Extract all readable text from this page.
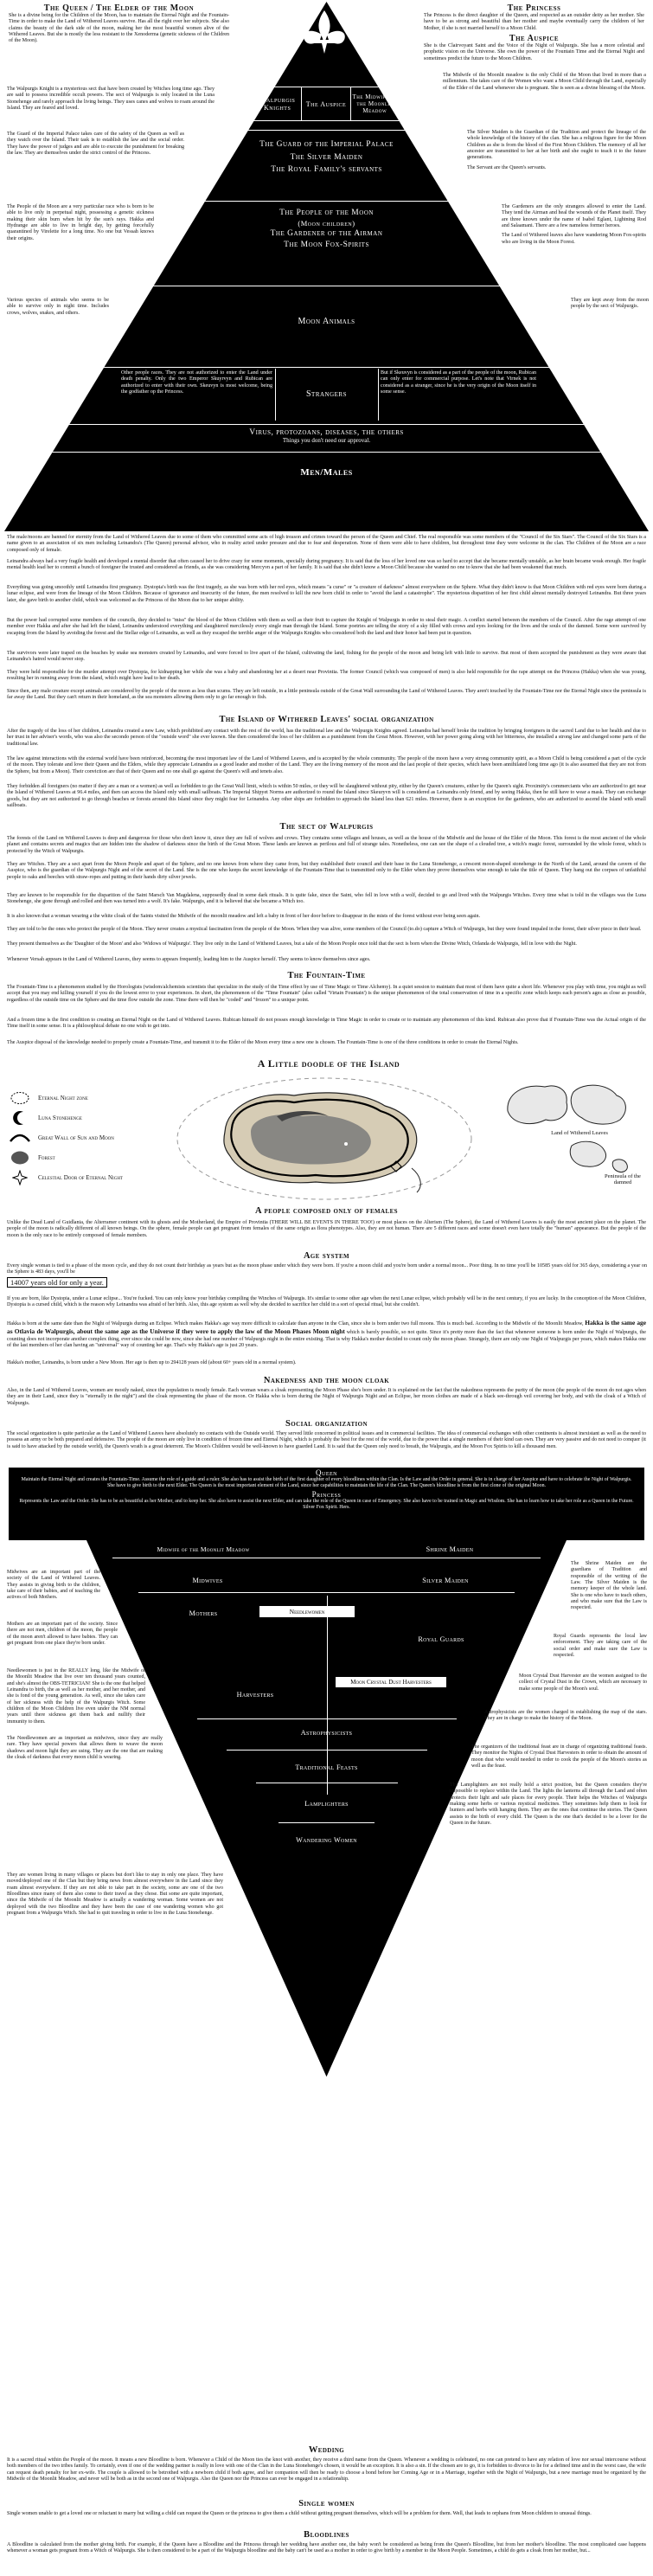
The Queen / The Elder of the Moon
She is a divine being for the Children of the Moon, has to maintain the Eternal Night and the Fountain-Time in order to make the Land of Withered Leaves survive. Has all the right over her subjects. She also claims the beauty of the dark side of the moon, making her the most beautiful women alive of the Withered Leaves. But she is mostly the less resistant to the Xenoderma (genetic sickness of the Children of the Moon).
The Princess
The Princess is the direct daughter of the Queen, and respected as an outsider deity as her mother. She have to be as strong and beautiful than her mother and maybe eventually carry the children of her Mother, if she is not married herself to a Moon Child.
The Auspice
She is the Clairvoyant Saint and the Voice of the Night of Walpurgis. She has a more celestial and prophetic vision on the Universe. She own the power of the Fountain Time and the Eternal Night and sometimes predict the future to the Moon Children.
The Walpurgis Knight is a mysterious sect that have been created by Witches long time ago. They are said to possess incredible occult powers. The sect of Walpurgis is only located in the Luna Stonehenge and rarely approach the living beings. They uses canes and wolves to roam around the Island. They are feared and loved.
Walpurgis Knights	The Auspice
The Midwife of the Moonlit Meadow
The Midwife of the Moonlit meadow is the only Child of the Moon that lived in more than a millennium. She takes care of the Women who want a Moon Child through the Land, especially of the Elder of the Land whenever she is pregnant. She is seen as a divine blessing of the Moon.
The Guard of the Imperial Palace takes care of the safety of the Queen as well as they watch over the Island. Their task is to establish the law and the social order. They have the power of judges and are able to execute the punishment for breaking the law. They are themselves under the strict control of the Princess.
The Guard of the Imperial Palace
The Silver Maiden
The Royal Family's servants
The Silver Maiden is the Guardian of the Tradition and protect the lineage of the whole knowledge of the history of the clan. She has a religious figure for the Moon Children as she is from the blood of the First Moon Children. The memory of all her ancestor are transmitted to her at her birth and she ought to teach it to the future generations.
The Servant are the Queen's servants.
The People of the Moon are a very particular race who is born to be able to live only in perpetual night, possessing a genetic sickness making their skin burn when hit by the sun's rays. Hakka and Hydrange are able to live in bright day, by getting forcefully quarantined by Virelette for a long time. No one but Vessah knows their origins.
The People of the Moon
(Moon children)
The Gardener of the Airman
The Moon Fox-Spirits
The Gardeners are the only strangers allowed to enter the Land. They tend the Airman and heal the wounds of the Planet itself. They are three known under the name of Isabel Eglant, Lightning Rod and Salaamani. There are a few nameless former heroes.
The Land of Withered leaves also have wandering Moon Fox-spirits who are living in the Moon Forest.
Various species of animals who seems to be able to survive only in night time. Includes crows, wolves, snakes, and others.
Moon Animals
They are kept away from the moon people by the sect of Walpurgis.
Other people races. They are not authorized to enter the Land under death penalty. Only the two Emperor Skuyrvyn and Rubican are authorized to enter with their own. Skeuvyn is most welcome, being the godfather op the Princess.	Strangers
But if Skeuvyn is considered as a part of the people of the moon, Rubican can only enter for commercial purpose. Let's note that Virnek is not considered as a stranger, since he is the very origin of the Moon itself in some sense.
Virus, protozoans, diseases, the others
Things you don't need our approval.
Men/Males
The male/moons are banned for eternity from the Land of Withered Leaves due to some of them who committed some acts of high treason and crimes toward the person of the Queen and Chief. The real responsible was some members of the "Council of the Six Stars". The Council of the Six Stars is a name given to an association of six men including Leinandra's (The Queen) personal advisor, who in reality acted under pressure and due to fear and desperation. None of them were able to have children, but throughout time they were welcome in the clan. The Children of the Moon are a race composed only of female.
Leinandra always had a very fragile health and developed a mental disorder that often caused her to drive crazy for some moments, specially during pregnancy. It is said that the loss of her loved one was so hard to accept that she became mentally unstable, as her brain became weak enough. Her fragile mental health lead her to commit a bunch of foreigner the trusted and considered as friends, as she was considering Mercyvn a part of her family. It is said that she didn't know a Moon Child because she wanted no one to know that she had been weakened that much.
Everything was going smoothly until Leinandra first pregnancy. Dystopia's birth was the first tragedy, as she was born with her red eyes, which means "a curse" or "a creature of darkness" almost everywhere on the Sphere. What they didn't know is that Moon Children with red eyes were born during a lunar eclipse, and were from the lineage of the Moon Children. Because of ignorance and insecurity of the future, the men resolved to kill the new born child in order to "avoid the land a catastrophe". The mysterious disparition of her first child almost mentally destroyed Leinandra. But three years later, she gave birth to another child, which was welcomed as the Princess of the Moon due to her unique ability.
But the power had corrupted some members of the councils, they decided to "miss" the blood of the Moon Children with them as well as their fruit to capture the Knight of Walpurgis in order to steal their magic. A conflict started between the members of the Council. After the rage attempt of one member over Hakka and after she had left the island, Leinandra understood everything and slaughtered mercilessly every single man through the Island. Some poetries are telling the story of a sky filled with crows and eyes looking for the lives and the souls of the damned. Some were survived by escaping from the Island by avoiding the forest and the Stellar edge of Leinandra, as well as they escaped the terrible anger of the Walpurgis Knights who considered both the land and their honor had been put in question.
The survivors were later traped on the beaches by snake sea monsters created by Leinandra, and were forced to live apart of the Island, cultivating the land, fishing for the people of the moon and being left with little to survive. But most of them accepted the punishment as they were aware that Leinandra's hatred would never stop.
They were held responsible for the murder attempt over Dystopia, for kidnapping her while she was a baby and abandoning her at a desert near Provintia. The former Council (which was composed of men) is also held responsible for the rape attempt on the Princess (Hakka) when she was young, resulting her in running away from the island, which might have lead to her death.
Since then, any male creature except animals are considered by the people of the moon as less than scums. They are left outside, in a little peninsula outside of the Great Wall surrounding the Land of Withered Leaves. They aren't touched by the Fountain-Time nor the Eternal Night since the peninsula is far away the Land. But they can't return in their homeland, as the sea monsters allowing them only to go far enough to fish.
The Island of Withered Leaves' social organization
After the tragedy of the loss of her children, Leinandra created a new Law, which prohibited any contact with the rest of the world, has the traditional law and the Walpurgis Knights agreed. Leinandra had herself broke the tradition by bringing foreigners in the sacred Land due to her health and due to her trust in her adviser's words, who was also the secondo person of the "outside word" she ever known. She then considered the loss of her children as a punishment from the Great Moon. However, with her power going along with her bitterness, she installed a strong law and changed some parts of the traditional law.
The law against interactions with the external world have been reinforced, becoming the most important law of the Land of Withered Leaves, and is accepted by the whole community. The people of the moon have a very strong community spirit, as a Moon Child is being considered a part of the cycle of the moon. They tolerate and love their Queen and the Elders, while they appreciate Leinandra as a good leader and mother of the Land. They are the living memory of the moon and the last people of their species, which have been annihilated long time ago (it is also assumed that they are not from the Sphere, but from a Moon). Their conviction are that of their Queen and no one shall go against the Queen's will and tenets also.
They forbidden all foreigners (no matter if they are a man or a women) as well as forbidden to go the Great Wall limit, which is within 50 miles, or they will be slaughtered without pity, either by the Queen's creatures, either by the Queen's sight. Proximity's commerciants who are authorized to get near the Island of Withered Leaves at 96.4 miles, and then can access the Island only with small sailboats. The Imperial Shipyet Norms are authorized to round the Island since Skeuryvn will is considered as Leinandra only friend, and by seeing Hakka, then he still have to wear a mask. They can exchange goods, but they are not authorized to go through beaches or forests around this Island since they might fear for Leinandra. Any other ships are forbidden to approach the Island less than 621 miles. However, there is an exception for the gardeners, who are authorized to ascend the Island with small sailboats.
The sect of Walpurgis
The forests of the Land on Withered Leaves is deep and dangerous for those who don't know it, since they are full of wolves and crows. They contains some villages and houses, as well as the house of the Midwife and the house of the Elder of the Moon. This forest is the most ancient of the whole planet and contains secrets and magics that are hidden into the shadow of darkness since the birth of the Great Moon. These lands are known as perilous and full of strange tales. Nonetheless, one can see the shape of a clouded tree, a witch's magic forest, surrounded by the whole forest, which is protected by the Witch of Walpurgis.
They are Witches. They are a sect apart from the Moon People and apart of the Sphere, and no one knows from where they came from, but they established their council and their base in the Luna Stonehenge, a crescent moon-shaped stonehenge in the North of the Land, around the cavern of the Auspice, who is the guardian of the Walpurgis Night and of the secret of the Land. She is the one who keeps the secret knowledge of the Fountain-Time that is transmitted only to the Elder when they prove themselves wise enough to take the title of Queen. They hang out the corpses of unfaithful people to oaks and beeches with straw-ropes and putting in their hands dirty silver jewels.
They are known to be responsible for the disparition of the Saint Marsch Van Magdalena, supposedly dead in some dark rituals. It is quite fake, since the Saint, who fell in love with a wolf, decided to go and lived with the Walpurgis Witches. Every time what is told in the villages was the Luna Stonehenge, she gone through and rolled and then was turned into a wolf. It's fake. Walpurgis, and it is believed that she became a Witch too.
It is also known that a woman wearing a the white cloak of the Saints visited the Midwife of the moonlit meadow and left a baby in front of her door before to disappear in the mists of the forest without ever being seen again.
They are told to be the ones who protect the people of the Moon. They never creates a mystical fascination from the people of the Moon. When they was alive, some members of the Council (to.do) capture a Witch of Walpurgis, but they were found impaled in the forest, their silver piece in their head.
They present themselves as the 'Daughter of the Moon' and also 'Widows of Walpurgis'. They live only in the Land of Withered Leaves, but a tale of the Moon People once told that the sect is born when the Divine Witch, Orlanda de Walpurgis, fell in love with the Night.
Whenever Versah appears in the Land of Withered Leaves, they seems to appears frequently, leading him to the Auspice herself. They seems to know themselves since ages.
The Fountain-Time
The Fountain-Time is a phenomenon studied by the Horologists (wisdom/alchemists scientists that specialize in the study of the Time effect by use of Time Magic or Time Alchemy). In a quiet session to maintain that most of them have quite a short life. Whenever you play with time, you might as well accept that you may end killing yourself if you do the lowest error to your experiences. In short, the phenomenon of the "Time Fountain" (also called 'Virtain Fountain') is the unique phenomenon of the total conservation of time in a specific zone which keeps each person's ages as close as possible, regardless of the outside time on the Sphere and the time flow outside the zone. Time there will then be "coded" and "frozen" to a unique point.
And a frozen time is the first condition to creating an Eternal Night on the Land of Withered Leaves. Rubican himself do not posses enough knowledge in Time Magic in order to create or to maintain any phenomenon of this kind. Rubican also prove that if Fountain-Time was the Actual origin of the Time itself in some sense. It is a philosophical debate no one wish to get into.
The Auspice disposal of the knowledge needed to properly create a Fountain-Time, and transmit it to the Elder of the Moon every time a new one is chosen. The Fountain-Time is one of the three conditions in order to create the Eternal Nights.
A Little doodle of the Island
Eternal Night zone
Luna Stonehenge
Great Wall of Sun and Moon
Forest
Celestial Door of Eternal Night
Land of Withered Leaves
Peninsula of the damned
Wedding
It is a sacred ritual within the People of the moon. It means a new Bloodline is born. Whenever a Child of the Moon ties the knot with another, they receive a third name from the Queen. Whenever a wedding is celebrated, no one can pretend to have any relation of love nor sexual intercourse without both members of the two tribes family. To certainly, even if one of the wedding partner is really in love with one of the Clan in the Luna Stonehenge's chosen, it would be an exception. It is also a sin. If the chosen are to go, it is forbidden to divorce to lie for a defined time and in the worst case, the wife can request death penalty for her ex-wife. The couple is allowed to be betrothed with a newborn child if both agree, and her companion will then be ready to choose a bond before her Coming Age or in a Marriage, together with the Night of Walpurgis, but a new marriage must be organized by the Midwife of the Moonlit Meadow, and never will be both as in the second one of Walpurgis. Also the Queen nor the Princess can ever be engaged in a relationship.
Single women
Single women unable to get a loved one or reluctant to marry but willing a child can request the Queen or the princess to give them a child without getting pregnant themselves, which will be a problem for them. Well, that leads to orphans from Moon children to unusual things.
Bloodlines
A Bloodline is calculated from the mother giving birth. For example, if the Queen have a Bloodline and the Princess through her wedding have another one, the baby won't be considered as being from the Queen's Bloodline, but from her mother's bloodline. The most complicated case happens whenever a woman gets pregnant from a Witch of Walpurgis. She is then considered to be a part of the Walpurgis bloodline and the baby can't be used as a mother in order to give birth by a member to the Moon People. Sometimes, a child do gets a cloak from her mother, but...
A people composed only of females
Unlike the Dead Land of Guidlania, the Alterramer continent with its ghosts and the Motherland, the Empire of Provintia (THERE WILL BE EVENTS IN THERE TOO!) or most places on the Alterism (The Sphere), the Land of Withered Leaves is easily the most ancient place on the planet. The people of the moon is radically different of all known beings. On the sphere, female people can get pregnant from females of the same origin as flora phenotypes. Also, they are not human. There are 5 different races and some doesn't even have totally the "human" appearance. But the people of the moon is the only race to be entirely composed of female members.
Age system
Every single woman is tied to a phase of the moon cycle, and they do not count their birthday as years but as the moon phase under which they were born. If you're a moon child and you're born under a normal moon... Poor thing. In no time you'll be 10585 years old for 365 days, considering a year on the Sphere is 483 days, you'll be
14007 years old for only a year.
If you are born, like Dystopia, under a Lunar eclipse... You're fucked. You can only know your birthday compiling the Winches of Walpurgis. It's similar to some other age when the next Lunar eclipse, which probably will be in the next century, if you are lucky. In the conception of the Moon Children, Dystopia is a cursed child, which is the reason why Leinandra was afraid of her birth. Also, this age system as well why she decided to sacrifice her child in a sort of special ritual, but she couldn't.
Hakka is born at the same date than the Night of Walpurgis during an Eclipse. Which makes Hakka's age way more difficult to calculate than anyone in the Clan, since she is born under two full moons. This is much bad. According to the Midwife of the Moonlit Meadow, Hakka is the same age as Otlavia de Walpurgis, about the same age as the Universe if they were to apply the law of the Moon Phases Moon night which is barely possible, so not quite. Since it's pretty more than the fact that whenever someone is born under the Night of Walpurgis, the counting does not incorporate another complex thing, ever since she could be now, since she had one number of Walpurgis night in the entire existing. That is why Hakka's mother decided to count only the moon phase. Strangely, there are only one Night of Walpurgis per years, which makes Hakka one of the last members of her clan having an "universal" way of counting her age. That's why Hakka's age is just 20 years.
Hakka's mother, Leinandra, is born under a New Moon. Her age is then up to 294128 years old (about 60+ years old in a normal system).
Nakedness and the moon cloak
Also, in the Land of Withered Leaves, women are mostly naked, since the population is mostly female. Each woman wears a cloak representing the Moon Phase she's born under. It is explained on the fact that the nakedness represents the purity of the moon (the people of the moon do not ages when they are in their Land, since they is "eternally in the night") and the cloak representing the phase of the moon. Or Hakka who is born during the Night of Walpurgis Night and an Eclipse, her moon clothes are made of a black see-through veil covering her body, and with the cloak of a Witch of Walpurgis.
Social organization
The social organization is quite particular as the Land of Withered Leaves have absolutely no contacts with the Outside world. They served little concerned in political issues and in commercial facilities. The idea of commercial exchanges with other continents is almost inexistant as well as the need to possess an army or be both prepared and defensive. The people of the moon are only live in condition of frozen time and Eternal Night, which is probably the best for the rest of the world, due to the power that a single members of their kind can own. They are very passive and do not need to conquer (it is said to have attacked by the outside world), the Queen's wrath is a great deterrent. The Moon's Children would be well-known to have guarded Land. It is said that the Queen only need to breath, the Walpurgis, and the Moon Fox Spirits to kill a thousand men.
Queen
Maintain the Eternal Night and creates the Fountain-Time. Assume the role of a guide and a ruler. She also has to assist the birth of the first daughter of every bloodlines within the Clan. Is the Law and the Order in general. She is in charge of her Auspice and have to celebrate the Night of Walpurgis. She have to give birth to the next Elder. The Queen is the most important element of the Land, since her capabilities to maintain the life of the Clan. The Queen's bloodline is from the first clone of the original Moon.
Princess
Represents the Law and the Order. She has to be as beautiful as her Mother, and to keep her. She also have to assist the next Elder, and can take the role of the Queen in case of Emergency. She also have to be trained in Magic and Wisdom. She has to learn how to take her role as a Queen in the Future. Silver Fox Spirit. Hers.
Midwife of the Moonlit Meadow	Shrine Maiden
Midwives	Silver Maiden
Mothers	Needlewomen
Royal Guards
Harvesters
Moon Crystal Dust Harvesters
Astrophysicists
Traditional Feasts
Lamplighters
Wandering Women
Midwives are an important part of the society of the Land of Withered Leaves. They assists in giving birth to the children, take care of their babies, and of teaching the actives of both Mothers.
Mothers are an important part of the society. Since there are not men, children of the moon, the people of the moon aren't allowed to have babies. They can get pregnant from one place they're born under.
Needlewomen is just in the REALLY long, like the Midwife of the Moonlit Meadow that live over ten thousand years counted, and she's almost the OBS-TETRICIAN! She is the one that helped Leinandra to birth, the as well as her mother, and her mother, and she is fond of the young generation. As well, since she takes care of her sickness with the help of the Walpurgis Witch. Some children of the Moon Children live even under the NM normal years until there sickness get them back and nullify their immunity to them.
The Needlewomen are as important as midwives, since they are really rare. They have special powers that allows them to weave the moon shadows and moon light they are using. They are the one that are making the cloak of darkness that every moon child is wearing.
The Shrine Maiden are the guardians of Tradition and responsible of the writing of the Law. The Silver Maiden is the memory keeper of the whole land. She is one who have to teach others, and who make sure that the Law is respected.
Royal Guards represents the local law enforcement. They are taking care of the social order and make sure the Law is respected.
Moon Crystal Dust Harvester are the women assigned to the collect of Crystal Dust in the Crown, which are necessary to make some people of the Moon's soul.
Astrophysicists are the women charged in establishing the map of the stars. They are in charge to make the history of the Moon.
The organizers of the traditional feast are in charge of organizing traditional feasts. They monitor the Nights of Crystal Dust Harvesters in order to obtain the amount of moon dust who would needed in order to cook the people of the Moon's stories as well as the feast.
The Lamplighters are not really hold a strict position, but the Queen considers they're impossible to replace within the Land. The lights the lanterns all through the Land and often protects their light and safe places for every people. Their helps the Witches of Walpurgis making some herbs or various mystical medicines. They sometimes help them to look for hunters and herbs with hanging them. They are the ones that continue the stories. The Queen assists to the birth of every child. The Queen is the one that's decided to be a lover for the Queen in the future.
They are women living in many villages or places but don't like to stay in only one place. They have moved/deployed one of the Clan but they bring news from almost everywhere in the Land since they roam almost everywhere. If they are not able to take part in the society, some are one of the two Bloodlines since many of them also come to their travel as they chose. But some are quite important, since the Midwife of the Moonlit Meadow is actually a wandering woman. Some women are not deployed with the two Bloodline and they have been the case of one wandering women who got pregnant from a Walpurgis Witch. She had to quit traveling in order to live in the Luna Stonehenge.
